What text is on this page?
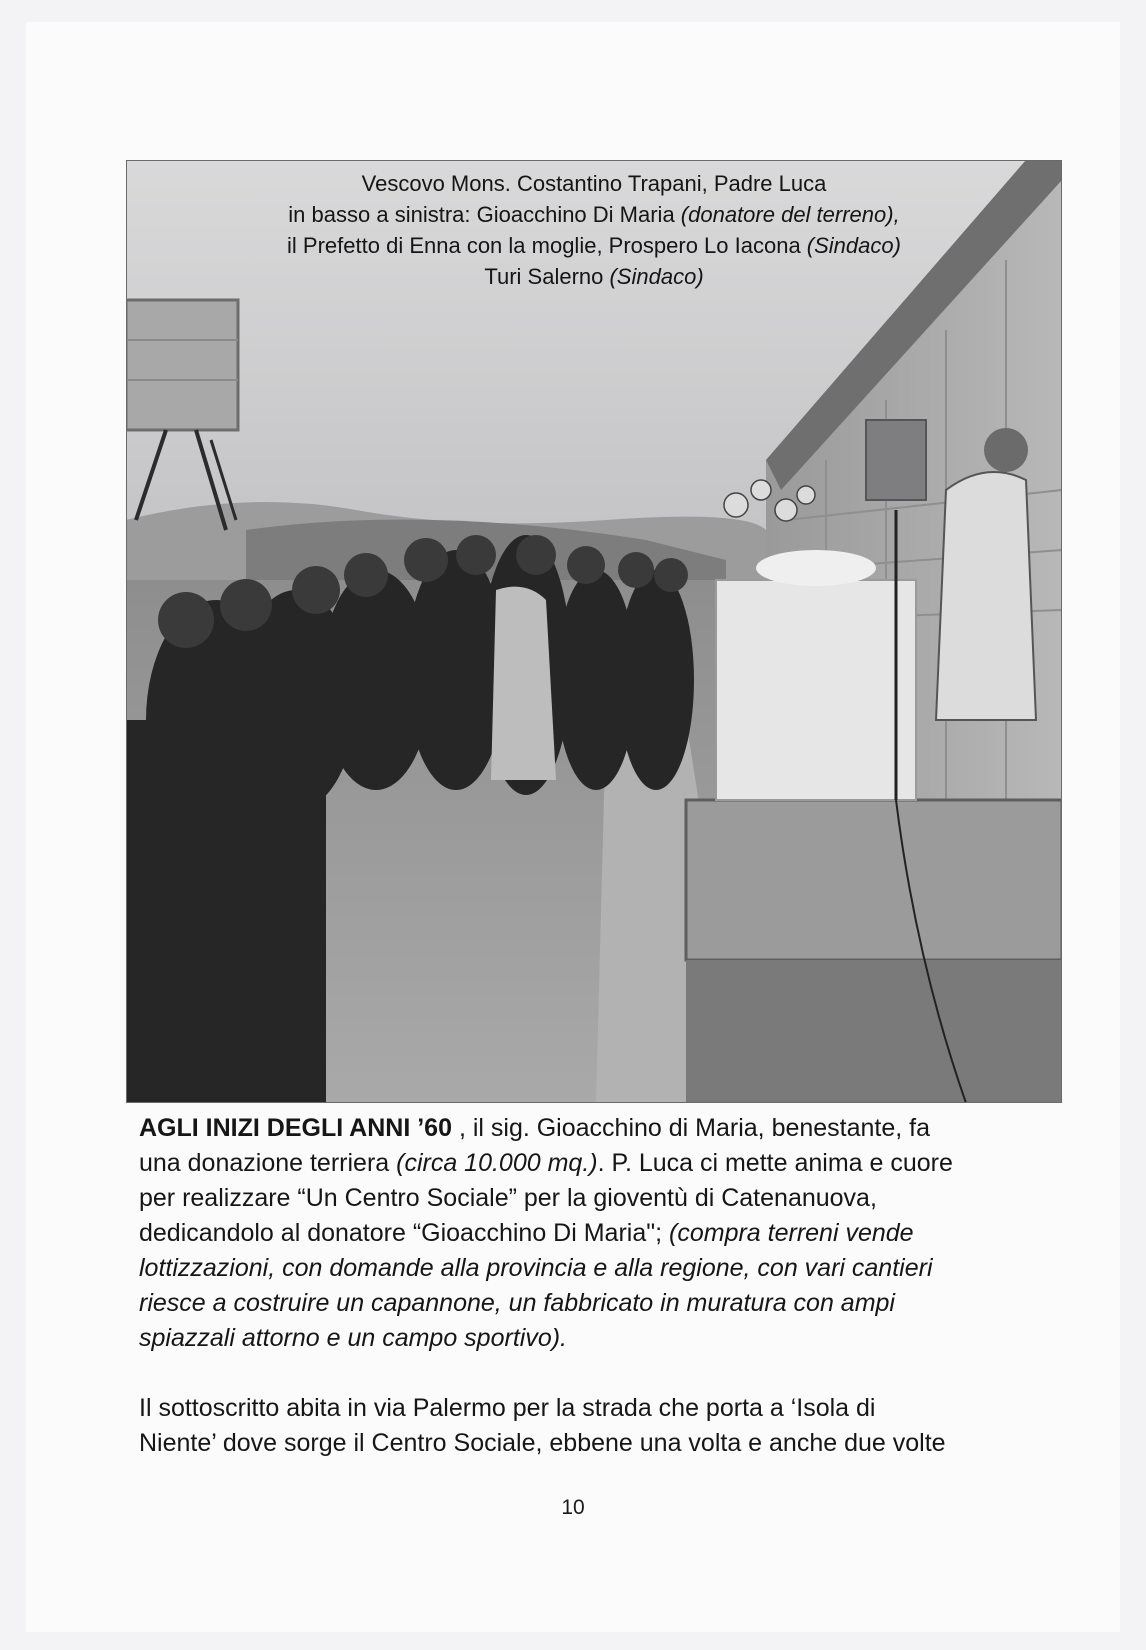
Vescovo Mons. Costantino Trapani, Padre Luca
in basso a sinistra: Gioacchino Di Maria (donatore del terreno),
il Prefetto di Enna con la moglie, Prospero Lo Iacona (Sindaco)
Turi Salerno (Sindaco)

AGLI INIZI DEGLI ANNI ’60 , il sig. Gioacchino di Maria, benestante, fa
una donazione terriera (circa 10.000 mq.). P. Luca ci mette anima e cuore
per realizzare “Un Centro Sociale” per la gioventù di Catenanuova,
dedicandolo al donatore “Gioacchino Di Maria"; (compra terreni vende
lottizzazioni, con domande alla provincia e alla regione, con vari cantieri
riesce a costruire un capannone, un fabbricato in muratura con ampi
spiazzali attorno e un campo sportivo).

Il sottoscritto abita in via Palermo per la strada che porta a ‘Isola di
Niente’ dove sorge il Centro Sociale, ebbene una volta e anche due volte

10
